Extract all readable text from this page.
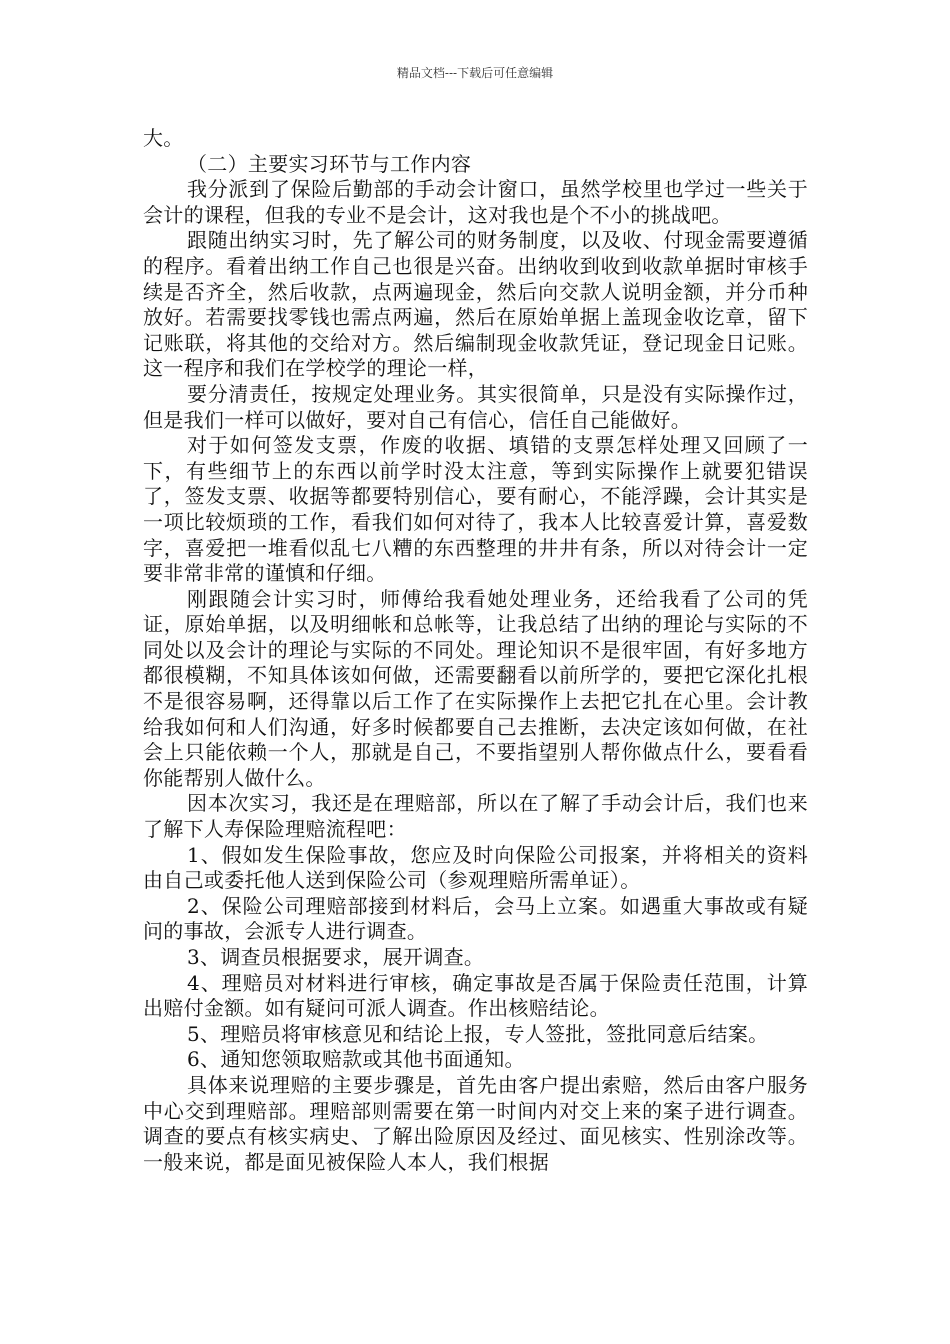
精品文档---下载后可任意编辑

大。

（二）主要实习环节与工作内容

我分派到了保险后勤部的手动会计窗口，虽然学校里也学过一些关于会计的课程，但我的专业不是会计，这对我也是个不小的挑战吧。

跟随出纳实习时，先了解公司的财务制度，以及收、付现金需要遵循的程序。看着出纳工作自己也很是兴奋。出纳收到收到收款单据时审核手续是否齐全，然后收款，点两遍现金，然后向交款人说明金额，并分币种放好。若需要找零钱也需点两遍，然后在原始单据上盖现金收讫章，留下记账联，将其他的交给对方。然后编制现金收款凭证，登记现金日记账。这一程序和我们在学校学的理论一样，

要分清责任，按规定处理业务。其实很简单，只是没有实际操作过，但是我们一样可以做好，要对自己有信心，信任自己能做好。

对于如何签发支票，作废的收据、填错的支票怎样处理又回顾了一下，有些细节上的东西以前学时没太注意，等到实际操作上就要犯错误了，签发支票、收据等都要特别信心，要有耐心，不能浮躁，会计其实是一项比较烦琐的工作，看我们如何对待了，我本人比较喜爱计算，喜爱数字，喜爱把一堆看似乱七八糟的东西整理的井井有条，所以对待会计一定要非常非常的谨慎和仔细。

刚跟随会计实习时，师傅给我看她处理业务，还给我看了公司的凭证，原始单据，以及明细帐和总帐等，让我总结了出纳的理论与实际的不同处以及会计的理论与实际的不同处。理论知识不是很牢固，有好多地方都很模糊，不知具体该如何做，还需要翻看以前所学的，要把它深化扎根不是很容易啊，还得靠以后工作了在实际操作上去把它扎在心里。会计教给我如何和人们沟通，好多时候都要自己去推断，去决定该如何做，在社会上只能依赖一个人，那就是自己，不要指望别人帮你做点什么，要看看你能帮别人做什么。

因本次实习，我还是在理赔部，所以在了解了手动会计后，我们也来了解下人寿保险理赔流程吧：

1、假如发生保险事故，您应及时向保险公司报案，并将相关的资料由自己或委托他人送到保险公司（参观理赔所需单证）。

2、保险公司理赔部接到材料后，会马上立案。如遇重大事故或有疑问的事故，会派专人进行调查。

3、调查员根据要求，展开调查。

4、理赔员对材料进行审核，确定事故是否属于保险责任范围，计算出赔付金额。如有疑问可派人调查。作出核赔结论。

5、理赔员将审核意见和结论上报，专人签批，签批同意后结案。

6、通知您领取赔款或其他书面通知。

具体来说理赔的主要步骤是，首先由客户提出索赔，然后由客户服务中心交到理赔部。理赔部则需要在第一时间内对交上来的案子进行调查。调查的要点有核实病史、了解出险原因及经过、面见核实、性别涂改等。一般来说，都是面见被保险人本人，我们根据
